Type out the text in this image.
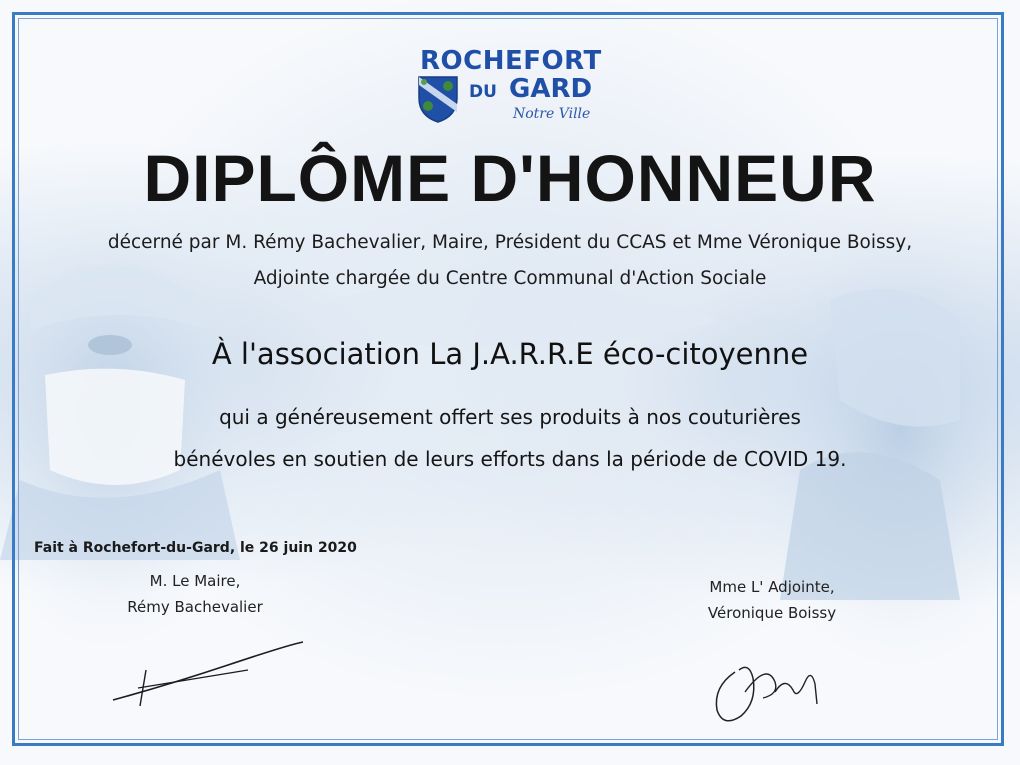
ROCHEFORT
DU GARD
Notre Ville
DIPLÔME D'HONNEUR
décerné par M. Rémy Bachevalier, Maire, Président du CCAS et Mme Véronique Boissy,
Adjointe chargée du Centre Communal d'Action Sociale
À l'association La J.A.R.R.E éco-citoyenne
qui a généreusement offert ses produits à nos couturières
bénévoles en soutien de leurs efforts dans la période de COVID 19.
Fait à Rochefort-du-Gard, le 26 juin 2020
M. Le Maire,
Rémy Bachevalier
Mme L' Adjointe,
Véronique Boissy
